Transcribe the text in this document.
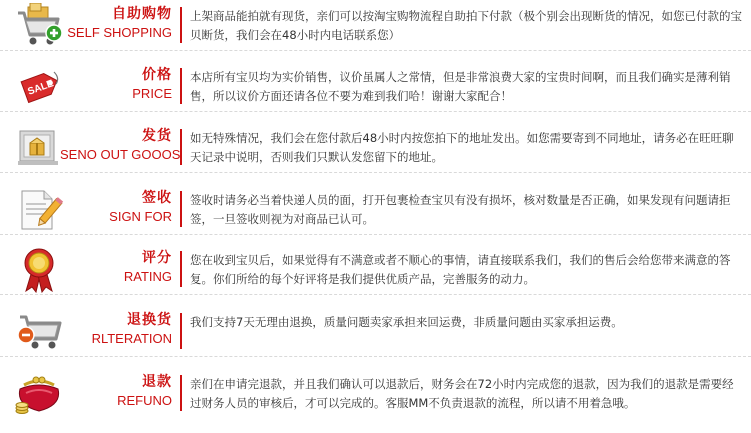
自助购物
SELF SHOPPING
上架商品能拍就有现货，亲们可以按淘宝购物流程自助拍下付款（极个别会出现断货的情况，如您已付款的宝贝断货，我们会在48小时内电话联系您）
SALE
价格
PRICE
本店所有宝贝均为实价销售，议价虽属人之常情，但是非常浪费大家的宝贵时间啊，而且我们确实是薄利销售，所以议价方面还请各位不要为难到我们哈！谢谢大家配合！
发货
SENO OUT GOOOS
如无特殊情况，我们会在您付款后48小时内按您拍下的地址发出。如您需要寄到不同地址，请务必在旺旺聊天记录中说明，否则我们只默认发您留下的地址。
签收
SIGN FOR
签收时请务必当着快递人员的面，打开包裹检查宝贝有没有损坏，核对数量是否正确，如果发现有问题请拒签，一旦签收则视为对商品已认可。
评分
RATING
您在收到宝贝后，如果觉得有不满意或者不顺心的事情，请直接联系我们，我们的售后会给您带来满意的答复。你们所给的每个好评将是我们提供优质产品，完善服务的动力。
退换货
RLTERATION
我们支持7天无理由退换，质量问题卖家承担来回运费，非质量问题由买家承担运费。
退款
REFUNO
亲们在申请完退款，并且我们确认可以退款后，财务会在72小时内完成您的退款，因为我们的退款是需要经过财务人员的审核后，才可以完成的。客服MM不负责退款的流程，所以请不用着急哦。
